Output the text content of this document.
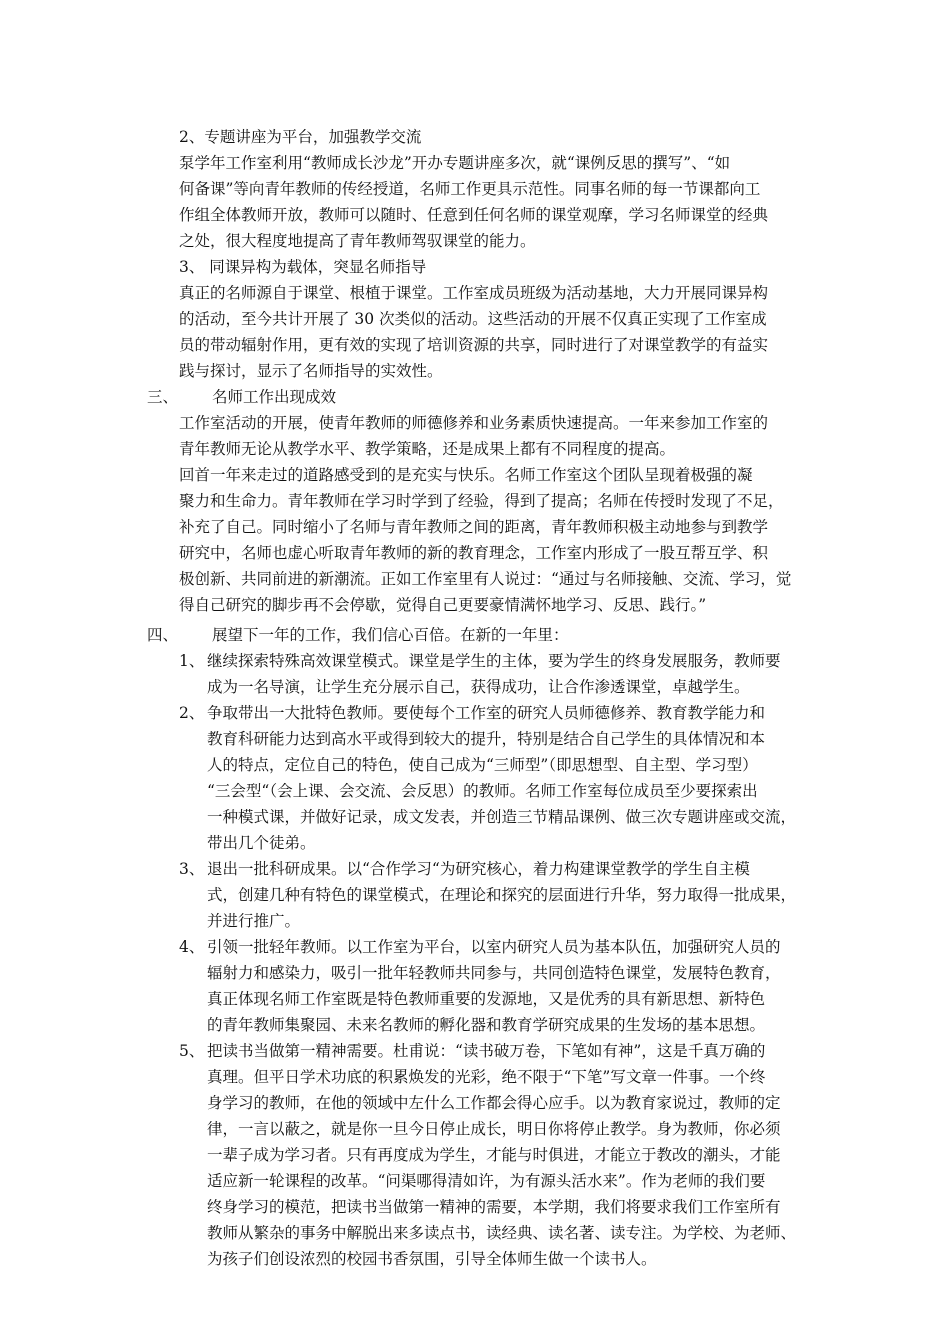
2、专题讲座为平台，加强教学交流
泵学年工作室利用“教师成长沙龙”开办专题讲座多次，就“课例反思的撰写”、“如
何备课”等向青年教师的传经授道，名师工作更具示范性。同事名师的每一节课都向工
作组全体教师开放，教师可以随时、任意到任何名师的课堂观摩，学习名师课堂的经典
之处，很大程度地提高了青年教师驾驭课堂的能力。
3、 同课异构为载体，突显名师指导
真正的名师源自于课堂、根植于课堂。工作室成员班级为活动基地，大力开展同课异构
的活动，至今共计开展了 30 次类似的活动。这些活动的开展不仅真正实现了工作室成
员的带动辐射作用，更有效的实现了培训资源的共享，同时进行了对课堂教学的有益实
践与探讨，显示了名师指导的实效性。
三、 名师工作出现成效
工作室活动的开展，使青年教师的师德修养和业务素质快速提高。一年来参加工作室的
青年教师无论从教学水平、教学策略，还是成果上都有不同程度的提高。
回首一年来走过的道路感受到的是充实与快乐。名师工作室这个团队呈现着极强的凝
聚力和生命力。青年教师在学习时学到了经验，得到了提高；名师在传授时发现了不足，
补充了自己。同时缩小了名师与青年教师之间的距离，青年教师积极主动地参与到教学
研究中，名师也虚心听取青年教师的新的教育理念，工作室内形成了一股互帮互学、积
极创新、共同前进的新潮流。正如工作室里有人说过：“通过与名师接触、交流、学习，觉
得自己研究的脚步再不会停歇，觉得自己更要豪情满怀地学习、反思、践行。”
四、 展望下一年的工作，我们信心百倍。在新的一年里：
1、 继续探索特殊高效课堂模式。课堂是学生的主体，要为学生的终身发展服务，教师要
成为一名导演，让学生充分展示自己，获得成功，让合作渗透课堂，卓越学生。
2、 争取带出一大批特色教师。要使每个工作室的研究人员师德修养、教育教学能力和
教育科研能力达到高水平或得到较大的提升，特别是结合自己学生的具体情况和本
人的特点，定位自己的特色，使自己成为“三师型”（即思想型、自主型、学习型）
“三会型“（会上课、会交流、会反思）的教师。名师工作室每位成员至少要探索出
一种模式课，并做好记录，成文发表，并创造三节精品课例、做三次专题讲座或交流，
带出几个徒弟。
3、 退出一批科研成果。以“合作学习“为研究核心，着力构建课堂教学的学生自主模
式，创建几种有特色的课堂模式，在理论和探究的层面进行升华，努力取得一批成果，
并进行推广。
4、 引领一批轻年教师。以工作室为平台，以室内研究人员为基本队伍，加强研究人员的
辐射力和感染力，吸引一批年轻教师共同参与，共同创造特色课堂，发展特色教育，
真正体现名师工作室既是特色教师重要的发源地，又是优秀的具有新思想、新特色
的青年教师集聚园、未来名教师的孵化器和教育学研究成果的生发场的基本思想。
5、 把读书当做第一精神需要。杜甫说：“读书破万卷，下笔如有神”，这是千真万确的
真理。但平日学术功底的积累焕发的光彩，绝不限于“下笔”写文章一件事。一个终
身学习的教师，在他的领域中左什么工作都会得心应手。以为教育家说过，教师的定
律，一言以蔽之，就是你一旦今日停止成长，明日你将停止教学。身为教师，你必须
一辈子成为学习者。只有再度成为学生，才能与时俱进，才能立于教改的潮头，才能
适应新一轮课程的改革。“问渠哪得清如许，为有源头活水来”。作为老师的我们要
终身学习的模范，把读书当做第一精神的需要，本学期，我们将要求我们工作室所有
教师从繁杂的事务中解脱出来多读点书，读经典、读名著、读专注。为学校、为老师、
为孩子们创设浓烈的校园书香氛围，引导全体师生做一个读书人。
